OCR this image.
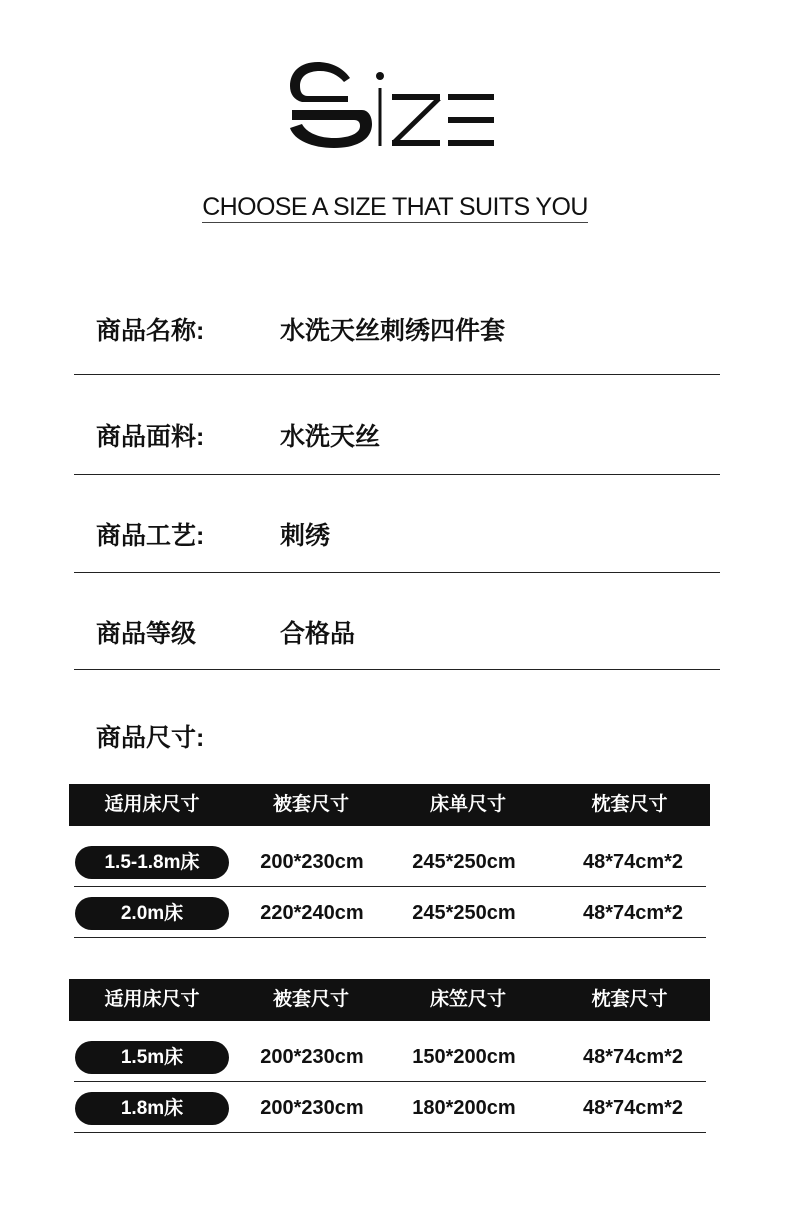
CHOOSE A SIZE THAT SUITS YOU
商品名称:	水洗天丝刺绣四件套
商品面料:	水洗天丝
商品工艺:	刺绣
商品等级	合格品
商品尺寸:
适用床尺寸	被套尺寸	床单尺寸	枕套尺寸
1.5-1.8m床	200*230cm	245*250cm	48*74cm*2
2.0m床	220*240cm	245*250cm	48*74cm*2
适用床尺寸	被套尺寸	床笠尺寸	枕套尺寸
1.5m床	200*230cm	150*200cm	48*74cm*2
1.8m床	200*230cm	180*200cm	48*74cm*2
